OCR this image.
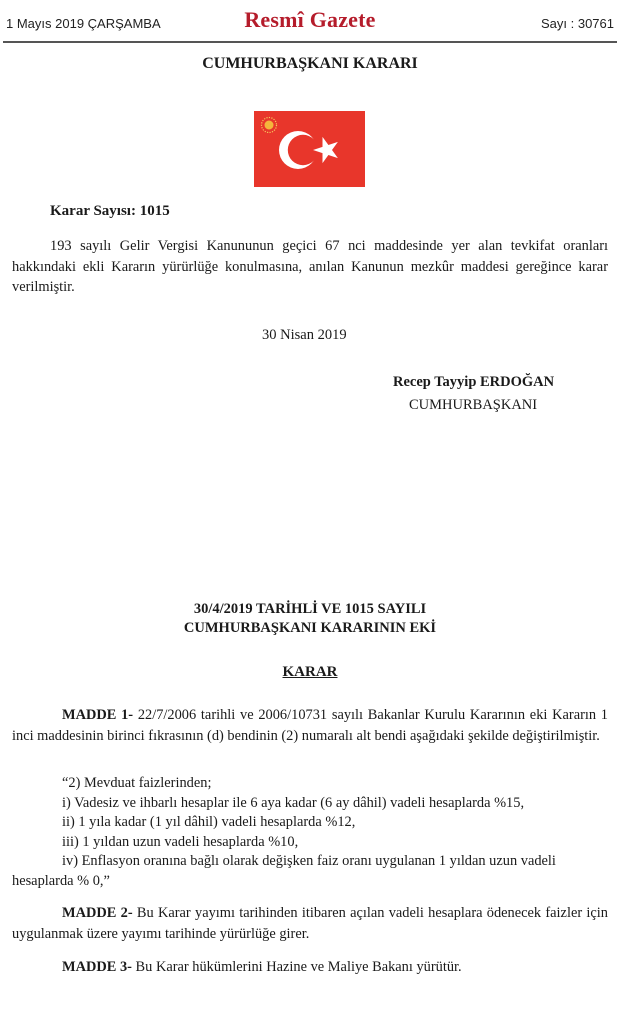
1 Mayıs 2019 ÇARŞAMBA	Resmî Gazete	Sayı : 30761
CUMHURBAŞKANI KARARI
Karar Sayısı: 1015
193 sayılı Gelir Vergisi Kanununun geçici 67 nci maddesinde yer alan tevkifat oranları hakkındaki ekli Kararın yürürlüğe konulmasına, anılan Kanunun mezkûr maddesi gereğince karar verilmiştir.
30 Nisan 2019
Recep Tayyip ERDOĞAN
CUMHURBAŞKANI
30/4/2019 TARİHLİ VE 1015 SAYILI
CUMHURBAŞKANI KARARININ EKİ
KARAR
MADDE 1- 22/7/2006 tarihli ve 2006/10731 sayılı Bakanlar Kurulu Kararının eki Kararın 1 inci maddesinin birinci fıkrasının (d) bendinin (2) numaralı alt bendi aşağıdaki şekilde değiştirilmiştir.
“2) Mevduat faizlerinden;
i) Vadesiz ve ihbarlı hesaplar ile 6 aya kadar (6 ay dâhil) vadeli hesaplarda %15,
ii) 1 yıla kadar (1 yıl dâhil) vadeli hesaplarda %12,
iii) 1 yıldan uzun vadeli hesaplarda %10,
iv) Enflasyon oranına bağlı olarak değişken faiz oranı uygulanan 1 yıldan uzun vadeli
hesaplarda % 0,”
MADDE 2- Bu Karar yayımı tarihinden itibaren açılan vadeli hesaplara ödenecek faizler için uygulanmak üzere yayımı tarihinde yürürlüğe girer.
MADDE 3- Bu Karar hükümlerini Hazine ve Maliye Bakanı yürütür.
